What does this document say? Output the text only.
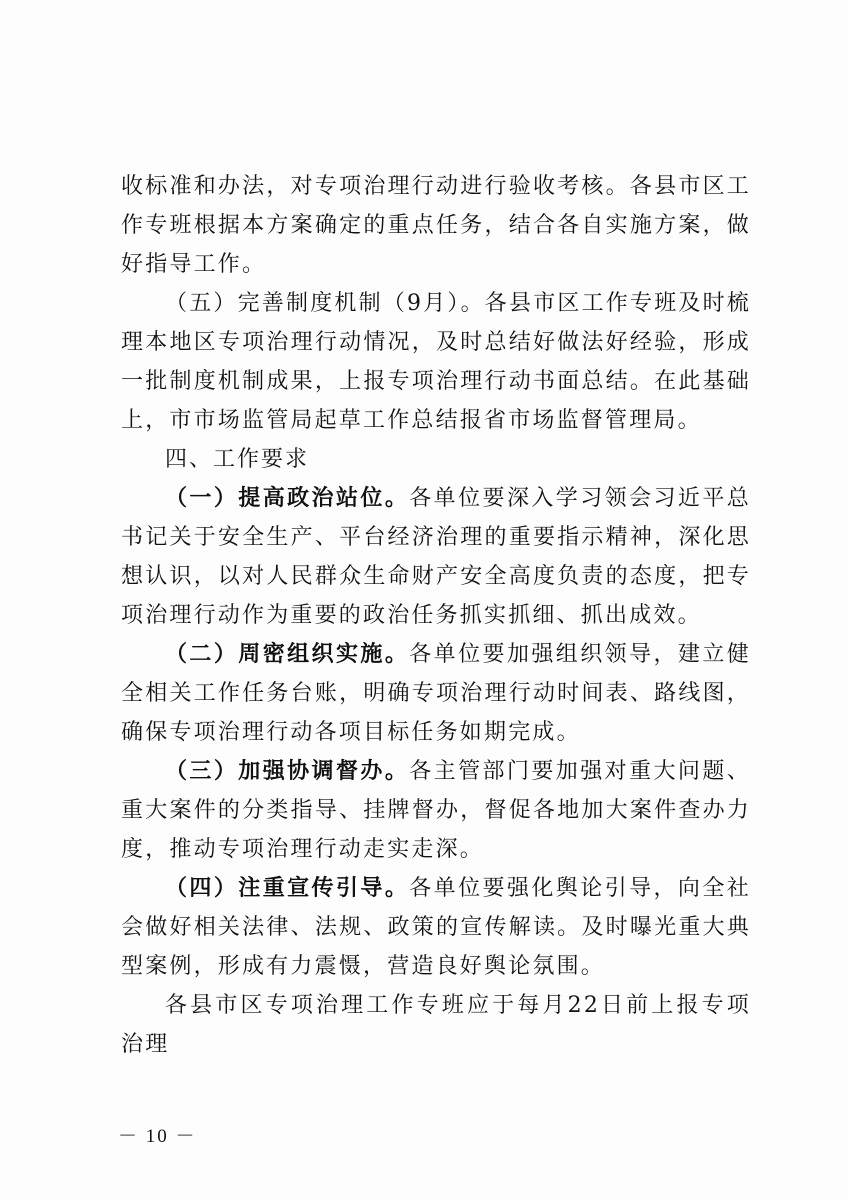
收标准和办法，对专项治理行动进行验收考核。各县市区工作专班根据本方案确定的重点任务，结合各自实施方案，做好指导工作。

（五）完善制度机制（9月）。各县市区工作专班及时梳理本地区专项治理行动情况，及时总结好做法好经验，形成一批制度机制成果，上报专项治理行动书面总结。在此基础上，市市场监管局起草工作总结报省市场监督管理局。

四、工作要求

（一）提高政治站位。各单位要深入学习领会习近平总书记关于安全生产、平台经济治理的重要指示精神，深化思想认识，以对人民群众生命财产安全高度负责的态度，把专项治理行动作为重要的政治任务抓实抓细、抓出成效。

（二）周密组织实施。各单位要加强组织领导，建立健全相关工作任务台账，明确专项治理行动时间表、路线图，确保专项治理行动各项目标任务如期完成。

（三）加强协调督办。各主管部门要加强对重大问题、重大案件的分类指导、挂牌督办，督促各地加大案件查办力度，推动专项治理行动走实走深。

（四）注重宣传引导。各单位要强化舆论引导，向全社会做好相关法律、法规、政策的宣传解读。及时曝光重大典型案例，形成有力震慑，营造良好舆论氛围。

各县市区专项治理工作专班应于每月22日前上报专项治理

－ 10 －
